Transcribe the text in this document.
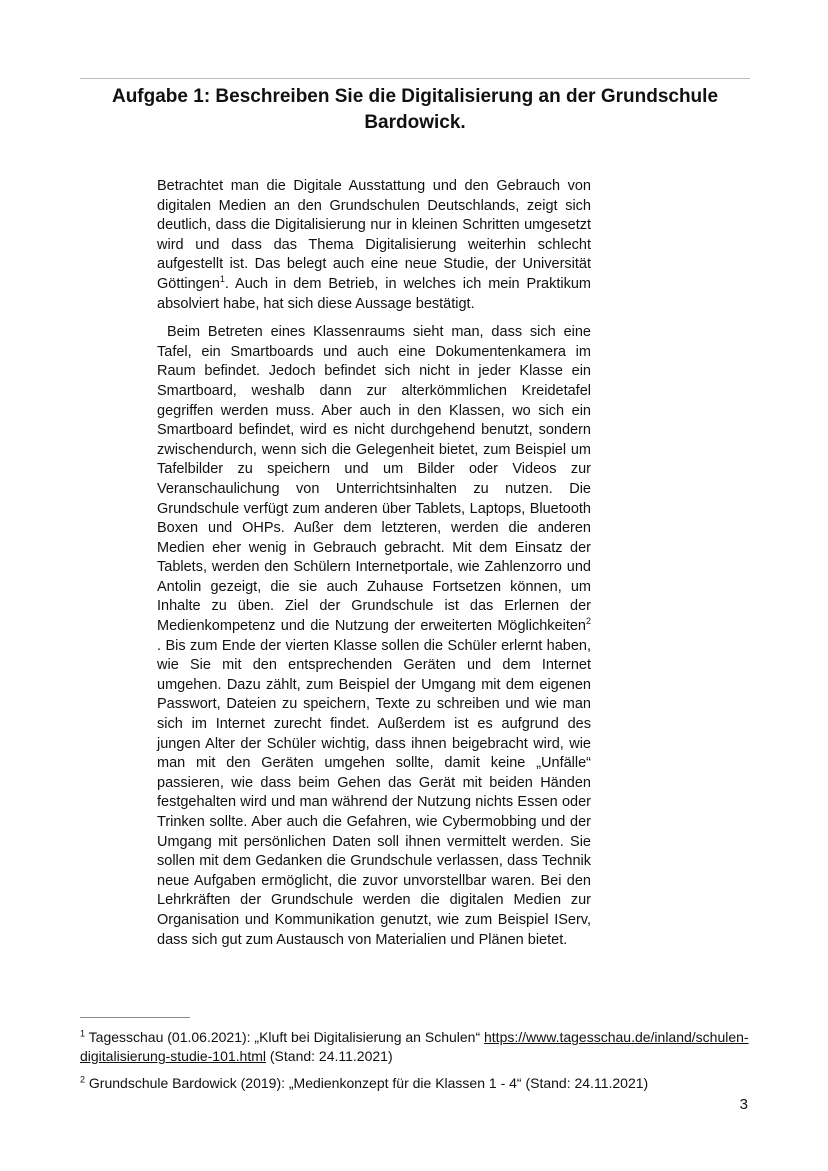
Aufgabe 1: Beschreiben Sie die Digitalisierung an der Grundschule Bardowick.

Betrachtet man die Digitale Ausstattung und den Gebrauch von digitalen Medien an den Grundschulen Deutschlands, zeigt sich deutlich, dass die Digitalisierung nur in kleinen Schritten umgesetzt wird und dass das Thema Digitalisierung weiterhin schlecht aufgestellt ist. Das belegt auch eine neue Studie, der Universität Göttingen$^1$. Auch in dem Betrieb, in welches ich mein Praktikum absolviert habe, hat sich diese Aussage bestätigt.

Beim Betreten eines Klassenraums sieht man, dass sich eine Tafel, ein Smartboards und auch eine Dokumentenkamera im Raum befindet. Jedoch befindet sich nicht in jeder Klasse ein Smartboard, weshalb dann zur alterkömmlichen Kreidetafel gegriffen werden muss. Aber auch in den Klassen, wo sich ein Smartboard befindet, wird es nicht durchgehend benutzt, sondern zwischendurch, wenn sich die Gelegenheit bietet, zum Beispiel um Tafelbilder zu speichern und um Bilder oder Videos zur Veranschaulichung von Unterrichtsinhalten zu nutzen. Die Grundschule verfügt zum anderen über Tablets, Laptops, Bluetooth Boxen und OHPs. Außer dem letzteren, werden die anderen Medien eher wenig in Gebrauch gebracht. Mit dem Einsatz der Tablets, werden den Schülern Internetportale, wie Zahlenzorro und Antolin gezeigt, die sie auch Zuhause Fortsetzen können, um Inhalte zu üben. Ziel der Grundschule ist das Erlernen der Medienkompetenz und die Nutzung der erweiterten Möglichkeiten$^2$ . Bis zum Ende der vierten Klasse sollen die Schüler erlernt haben, wie Sie mit den entsprechenden Geräten und dem Internet umgehen. Dazu zählt, zum Beispiel der Umgang mit dem eigenen Passwort, Dateien zu speichern, Texte zu schreiben und wie man sich im Internet zurecht findet. Außerdem ist es aufgrund des jungen Alter der Schüler wichtig, dass ihnen beigebracht wird, wie man mit den Geräten umgehen sollte, damit keine „Unfälle“ passieren, wie dass beim Gehen das Gerät mit beiden Händen festgehalten wird und man während der Nutzung nichts Essen oder Trinken sollte. Aber auch die Gefahren, wie Cybermobbing und der Umgang mit persönlichen Daten soll ihnen vermittelt werden. Sie sollen mit dem Gedanken die Grundschule verlassen, dass Technik neue Aufgaben ermöglicht, die zuvor unvorstellbar waren. Bei den Lehrkräften der Grundschule werden die digitalen Medien zur Organisation und Kommunikation genutzt, wie zum Beispiel IServ, dass sich gut zum Austausch von Materialien und Plänen bietet.

$^1$ Tagesschau (01.06.2021): „Kluft bei Digitalisierung an Schulen“ https://www.tagesschau.de/inland/schulen-digitalisierung-studie-101.html (Stand: 24.11.2021)

$^2$ Grundschule Bardowick (2019): „Medienkonzept für die Klassen 1 - 4“ (Stand: 24.11.2021)

3
